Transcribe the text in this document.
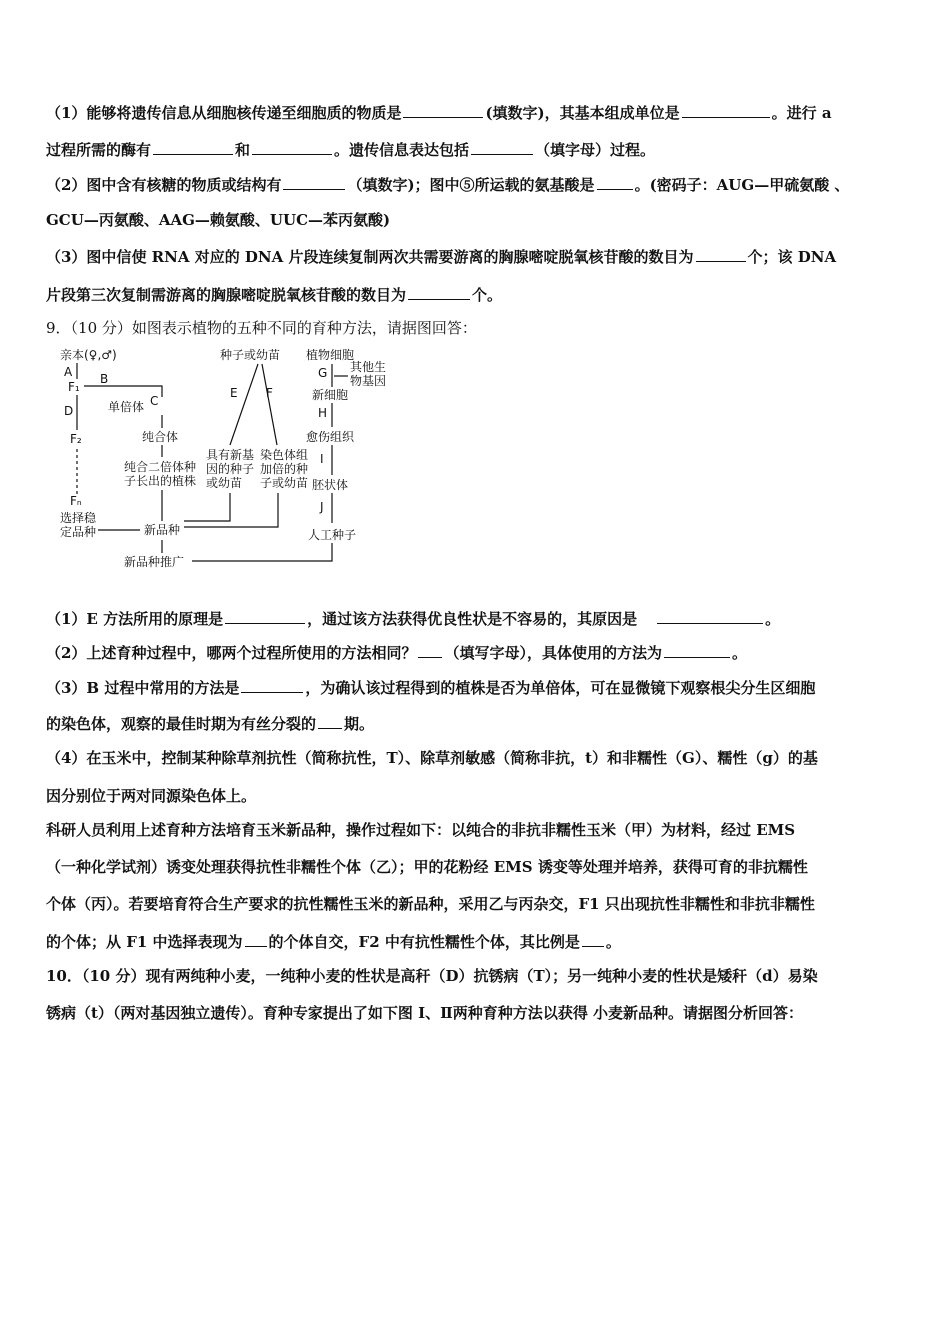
（1）能够将遗传信息从细胞核传递至细胞质的物质是	(填数字)，其基本组成单位是	。进行 a
过程所需的酶有	和	。遗传信息表达包括	（填字母）过程。
（2）图中含有核糖的物质或结构有	（填数字)；图中⑤所运载的氨基酸是	。(密码子：AUG—甲硫氨酸 、
GCU—丙氨酸、AAG—赖氨酸、UUC—苯丙氨酸)
（3）图中信使 RNA 对应的 DNA 片段连续复制两次共需要游离的胸腺嘧啶脱氧核苷酸的数目为	个；该 DNA
片段第三次复制需游离的胸腺嘧啶脱氧核苷酸的数目为	个。
9．（10 分）如图表示植物的五种不同的育种方法，请据图回答：
亲本(♀,♂)
A
F₁
B
单倍体 C
纯合体
纯合二倍体种
子长出的植株
D
F₂
Fₙ
选择稳
定品种	新品种
新品种推广
种子或幼苗
E F
具有新基
因的种子
或幼苗
染色体组
加倍的种
子或幼苗
植物细胞
G 其他生
物基因
新细胞
H
愈伤组织
I
胚状体
J
人工种子
（1）E 方法所用的原理是	，通过该方法获得优良性状是不容易的，其原因是	。
（2）上述育种过程中，哪两个过程所使用的方法相同？ （填写字母），具体使用的方法为	。
（3）B 过程中常用的方法是	，为确认该过程得到的植株是否为单倍体，可在显微镜下观察根尖分生区细胞
的染色体，观察的最佳时期为有丝分裂的 期。
（4）在玉米中，控制某种除草剂抗性（简称抗性，T）、除草剂敏感（简称非抗，t）和非糯性（G）、糯性（g）的基
因分别位于两对同源染色体上。
科研人员利用上述育种方法培育玉米新品种，操作过程如下：以纯合的非抗非糯性玉米（甲）为材料，经过 EMS
（一种化学试剂）诱变处理获得抗性非糯性个体（乙）；甲的花粉经 EMS 诱变等处理并培养，获得可育的非抗糯性
个体（丙）。若要培育符合生产要求的抗性糯性玉米的新品种，采用乙与丙杂交，F1 只出现抗性非糯性和非抗非糯性
的个体；从 F1 中选择表现为 的个体自交，F2 中有抗性糯性个体，其比例是 。
10．（10 分）现有两纯种小麦，一纯种小麦的性状是高秆（D）抗锈病（T）；另一纯种小麦的性状是矮秆（d）易染
锈病（t）（两对基因独立遗传）。育种专家提出了如下图 I、Ⅱ两种育种方法以获得 小麦新品种。请据图分析回答：
